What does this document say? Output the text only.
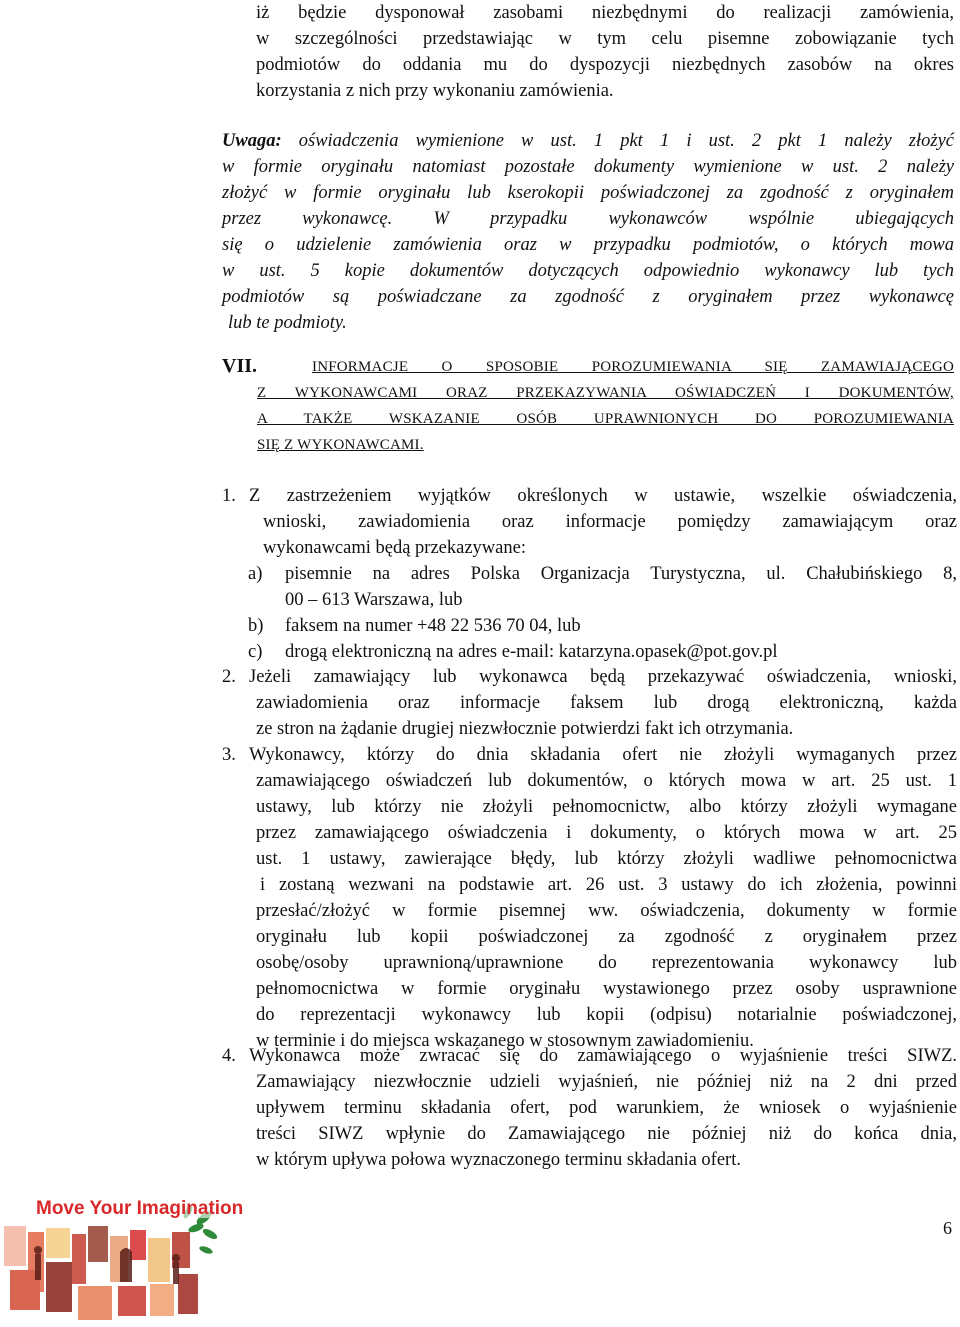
iż będzie dysponował zasobami niezbędnymi do realizacji zamówienia,
w szczególności przedstawiając w tym celu pisemne zobowiązanie tych
podmiotów do oddania mu do dyspozycji niezbędnych zasobów na okres
korzystania z nich przy wykonaniu zamówienia.
Uwaga: oświadczenia wymienione w ust. 1 pkt 1 i ust. 2 pkt 1 należy złożyć
w formie oryginału natomiast pozostałe dokumenty wymienione w ust. 2 należy
złożyć w formie oryginału lub kserokopii poświadczonej za zgodność z oryginałem
przez wykonawcę. W przypadku wykonawców wspólnie ubiegających
się o udzielenie zamówienia oraz w przypadku podmiotów, o których mowa
w ust. 5 kopie dokumentów dotyczących odpowiednio wykonawcy lub tych
podmiotów są poświadczane za zgodność z oryginałem przez wykonawcę
lub te podmioty.
VII.	INFORMACJE O SPOSOBIE POROZUMIEWANIA SIĘ ZAMAWIAJĄCEGO
Z WYKONAWCAMI ORAZ PRZEKAZYWANIA OŚWIADCZEŃ I DOKUMENTÓW,
A TAKŻE WSKAZANIE OSÓB UPRAWNIONYCH DO POROZUMIEWANIA
SIĘ Z WYKONAWCAMI.
1. Z zastrzeżeniem wyjątków określonych w ustawie, wszelkie oświadczenia,
wnioski, zawiadomienia oraz informacje pomiędzy zamawiającym oraz
wykonawcami będą przekazywane:
a) pisemnie na adres Polska Organizacja Turystyczna, ul. Chałubińskiego 8,
00 – 613 Warszawa, lub
b) faksem na numer +48 22 536 70 04, lub
c) drogą elektroniczną na adres e-mail: katarzyna.opasek@pot.gov.pl
2. Jeżeli zamawiający lub wykonawca będą przekazywać oświadczenia, wnioski,
zawiadomienia oraz informacje faksem lub drogą elektroniczną, każda
ze stron na żądanie drugiej niezwłocznie potwierdzi fakt ich otrzymania.
3. Wykonawcy, którzy do dnia składania ofert nie złożyli wymaganych przez
zamawiającego oświadczeń lub dokumentów, o których mowa w art. 25 ust. 1
ustawy, lub którzy nie złożyli pełnomocnictw, albo którzy złożyli wymagane
przez zamawiającego oświadczenia i dokumenty, o których mowa w art. 25
ust. 1 ustawy, zawierające błędy, lub którzy złożyli wadliwe pełnomocnictwa
i zostaną wezwani na podstawie art. 26 ust. 3 ustawy do ich złożenia, powinni
przesłać/złożyć w formie pisemnej ww. oświadczenia, dokumenty w formie
oryginału lub kopii poświadczonej za zgodność z oryginałem przez
osobę/osoby uprawnioną/uprawnione do reprezentowania wykonawcy lub
pełnomocnictwa w formie oryginału wystawionego przez osoby usprawnione
do reprezentacji wykonawcy lub kopii (odpisu) notarialnie poświadczonej,
w terminie i do miejsca wskazanego w stosownym zawiadomieniu.
4. Wykonawca może zwracać się do zamawiającego o wyjaśnienie treści SIWZ.
Zamawiający niezwłocznie udzieli wyjaśnień, nie później niż na 2 dni przed
upływem terminu składania ofert, pod warunkiem, że wniosek o wyjaśnienie
treści SIWZ wpłynie do Zamawiającego nie później niż do końca dnia,
w którym upływa połowa wyznaczonego terminu składania ofert.
Move Your Imagination
6
